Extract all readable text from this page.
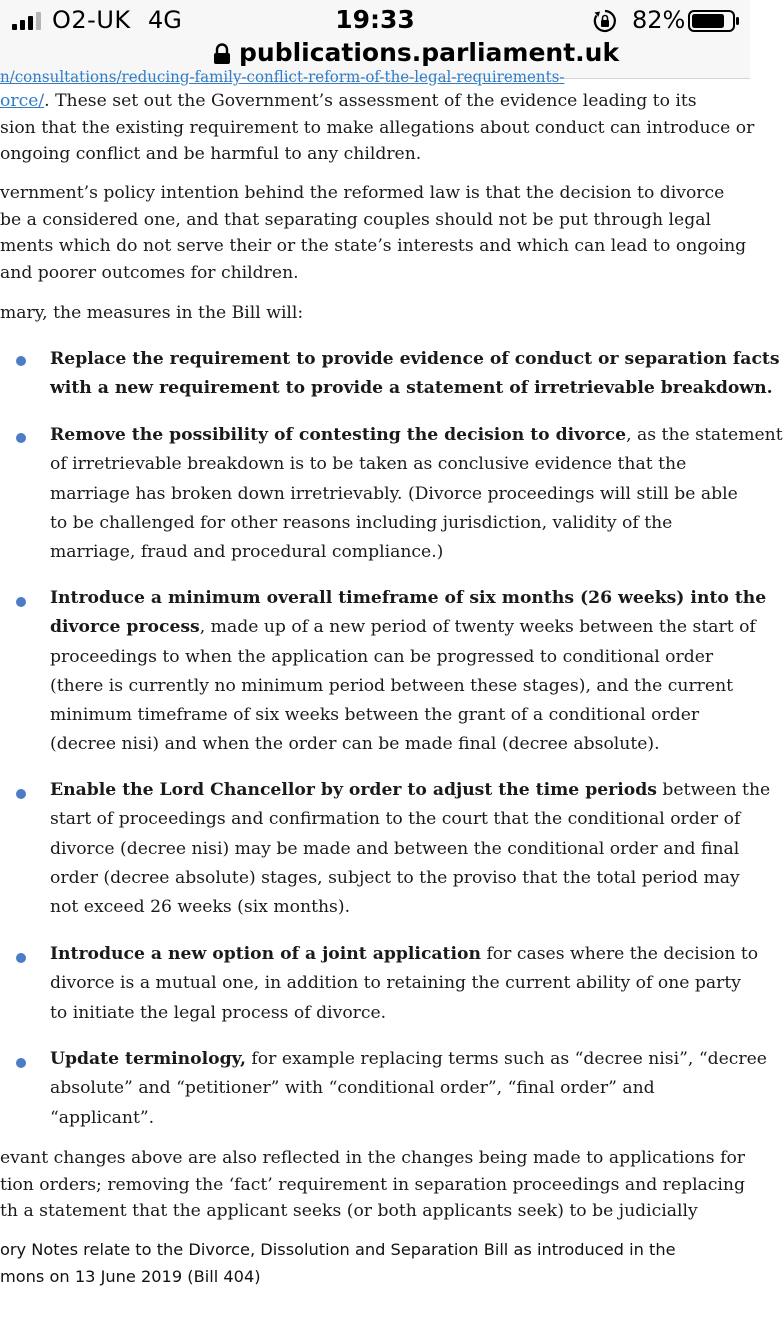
O2-UK 4G	19:33	82%
publications.parliament.uk
n/consultations/reducing-family-conflict-reform-of-the-legal-requirements-
orce/. These set out the Government’s assessment of the evidence leading to its
sion that the existing requirement to make allegations about conduct can introduce or
ongoing conflict and be harmful to any children.
vernment’s policy intention behind the reformed law is that the decision to divorce
be a considered one, and that separating couples should not be put through legal
ments which do not serve their or the state’s interests and which can lead to ongoing
and poorer outcomes for children.
mary, the measures in the Bill will:
Replace the requirement to provide evidence of conduct or separation facts
with a new requirement to provide a statement of irretrievable breakdown.
Remove the possibility of contesting the decision to divorce, as the statement
of irretrievable breakdown is to be taken as conclusive evidence that the
marriage has broken down irretrievably. (Divorce proceedings will still be able
to be challenged for other reasons including jurisdiction, validity of the
marriage, fraud and procedural compliance.)
Introduce a minimum overall timeframe of six months (26 weeks) into the
divorce process, made up of a new period of twenty weeks between the start of
proceedings to when the application can be progressed to conditional order
(there is currently no minimum period between these stages), and the current
minimum timeframe of six weeks between the grant of a conditional order
(decree nisi) and when the order can be made final (decree absolute).
Enable the Lord Chancellor by order to adjust the time periods between the
start of proceedings and confirmation to the court that the conditional order of
divorce (decree nisi) may be made and between the conditional order and final
order (decree absolute) stages, subject to the proviso that the total period may
not exceed 26 weeks (six months).
Introduce a new option of a joint application for cases where the decision to
divorce is a mutual one, in addition to retaining the current ability of one party
to initiate the legal process of divorce.
Update terminology, for example replacing terms such as “decree nisi”, “decree
absolute” and “petitioner” with “conditional order”, “final order” and
“applicant”.
evant changes above are also reflected in the changes being made to applications for
tion orders; removing the ‘fact’ requirement in separation proceedings and replacing
th a statement that the applicant seeks (or both applicants seek) to be judicially
ory Notes relate to the Divorce, Dissolution and Separation Bill as introduced in the
mons on 13 June 2019 (Bill 404)
